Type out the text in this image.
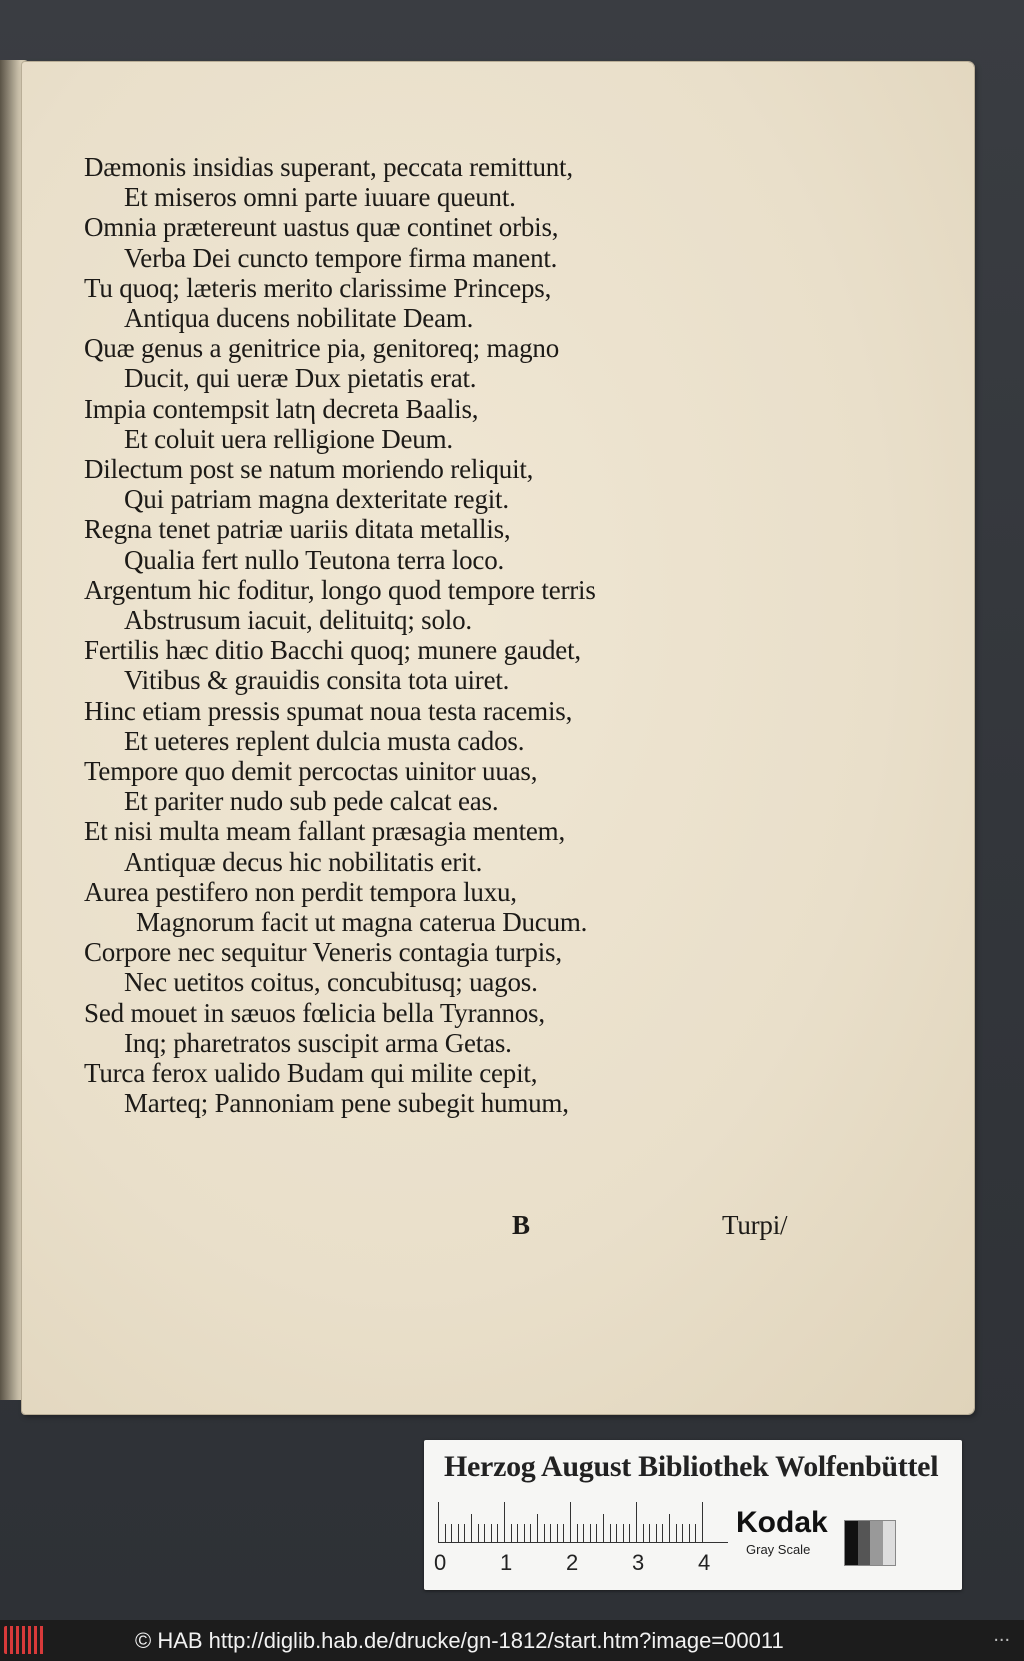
Dæmonis insidias superant, peccata remittunt,
Et miseros omni parte iuuare queunt.
Omnia prætereunt uastus quæ continet orbis,
Verba Dei cuncto tempore firma manent.
Tu quoq; læteris merito clarissime Princeps,
Antiqua ducens nobilitate Deam.
Quæ genus a genitrice pia, genitoreq; magno
Ducit, qui ueræ Dux pietatis erat.
Impia contempsit latη decreta Baalis,
Et coluit uera relligione Deum.
Dilectum post se natum moriendo reliquit,
Qui patriam magna dexteritate regit.
Regna tenet patriæ uariis ditata metallis,
Qualia fert nullo Teutona terra loco.
Argentum hic foditur, longo quod tempore terris
Abstrusum iacuit, delituitq; solo.
Fertilis hæc ditio Bacchi quoq; munere gaudet,
Vitibus & grauidis consita tota uiret.
Hinc etiam pressis spumat noua testa racemis,
Et ueteres replent dulcia musta cados.
Tempore quo demit percoctas uinitor uuas,
Et pariter nudo sub pede calcat eas.
Et nisi multa meam fallant præsagia mentem,
Antiquæ decus hic nobilitatis erit.
Aurea pestifero non perdit tempora luxu,
Magnorum facit ut magna caterua Ducum.
Corpore nec sequitur Veneris contagia turpis,
Nec uetitos coitus, concubitusq; uagos.
Sed mouet in sæuos fœlicia bella Tyrannos,
Inq; pharetratos suscipit arma Getas.
Turca ferox ualido Budam qui milite cepit,
Marteq; Pannoniam pene subegit humum,
B	Turpi/
Herzog August Bibliothek Wolfenbüttel
Kodak
Gray Scale
0 1 2 3 4
© HAB http://diglib.hab.de/drucke/gn-1812/start.htm?image=00011	...
